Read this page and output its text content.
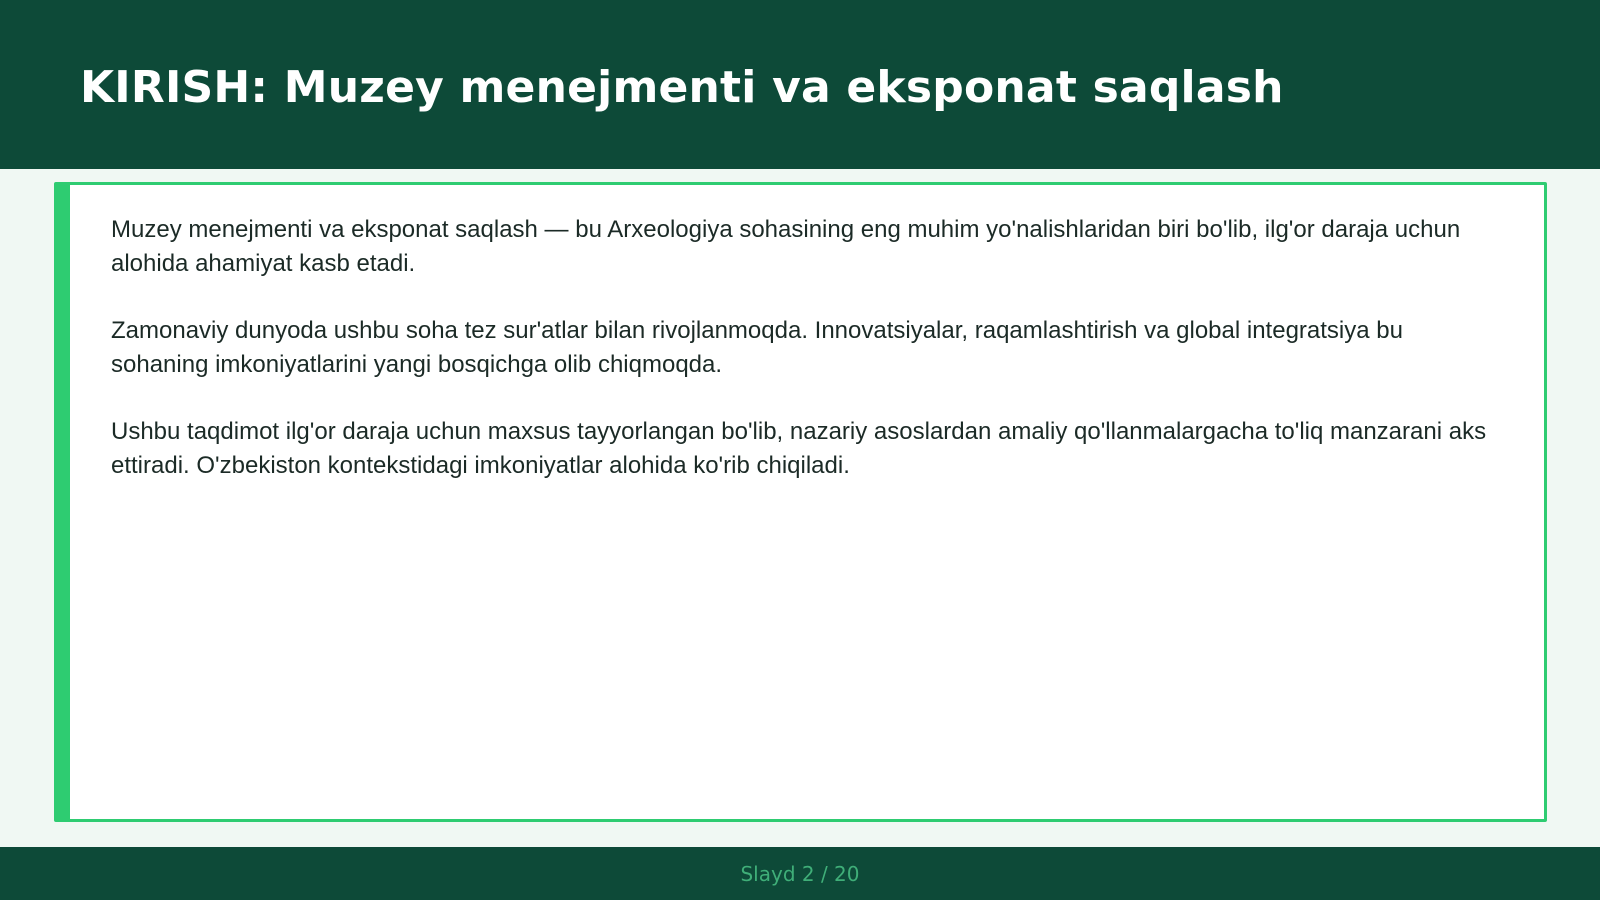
KIRISH: Muzey menejmenti va eksponat saqlash

Muzey menejmenti va eksponat saqlash — bu Arxeologiya sohasining eng muhim yo'nalishlaridan biri bo'lib, ilg'or daraja uchun alohida ahamiyat kasb etadi.

Zamonaviy dunyoda ushbu soha tez sur'atlar bilan rivojlanmoqda. Innovatsiyalar, raqamlashtirish va global integratsiya bu sohaning imkoniyatlarini yangi bosqichga olib chiqmoqda.

Ushbu taqdimot ilg'or daraja uchun maxsus tayyorlangan bo'lib, nazariy asoslardan amaliy qo'llanmalargacha to'liq manzarani aks ettiradi. O'zbekiston kontekstidagi imkoniyatlar alohida ko'rib chiqiladi.

Slayd 2 / 20
